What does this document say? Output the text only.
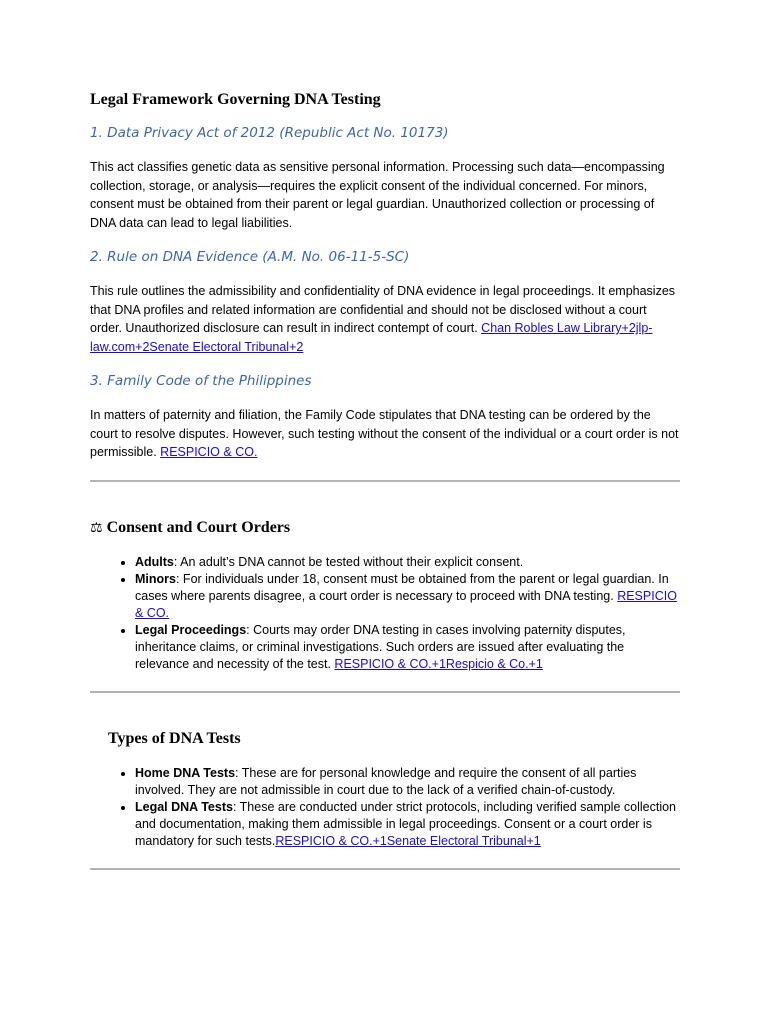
Legal Framework Governing DNA Testing
1. Data Privacy Act of 2012 (Republic Act No. 10173)

This act classifies genetic data as sensitive personal information. Processing such data—encompassing collection, storage, or analysis—requires the explicit consent of the individual concerned. For minors, consent must be obtained from their parent or legal guardian. Unauthorized collection or processing of DNA data can lead to legal liabilities.

2. Rule on DNA Evidence (A.M. No. 06-11-5-SC)

This rule outlines the admissibility and confidentiality of DNA evidence in legal proceedings. It emphasizes that DNA profiles and related information are confidential and should not be disclosed without a court order. Unauthorized disclosure can result in indirect contempt of court. Chan Robles Law Library+2jlp-law.com+2Senate Electoral Tribunal+2

3. Family Code of the Philippines

In matters of paternity and filiation, the Family Code stipulates that DNA testing can be ordered by the court to resolve disputes. However, such testing without the consent of the individual or a court order is not permissible. RESPICIO & CO.

⚖ Consent and Court Orders
• Adults: An adult’s DNA cannot be tested without their explicit consent.
• Minors: For individuals under 18, consent must be obtained from the parent or legal guardian. In cases where parents disagree, a court order is necessary to proceed with DNA testing. RESPICIO & CO.
• Legal Proceedings: Courts may order DNA testing in cases involving paternity disputes, inheritance claims, or criminal investigations. Such orders are issued after evaluating the relevance and necessity of the test. RESPICIO & CO.+1Respicio & Co.+1
Types of DNA Tests
• Home DNA Tests: These are for personal knowledge and require the consent of all parties involved. They are not admissible in court due to the lack of a verified chain-of-custody.
• Legal DNA Tests: These are conducted under strict protocols, including verified sample collection and documentation, making them admissible in legal proceedings. Consent or a court order is mandatory for such tests.RESPICIO & CO.+1Senate Electoral Tribunal+1
